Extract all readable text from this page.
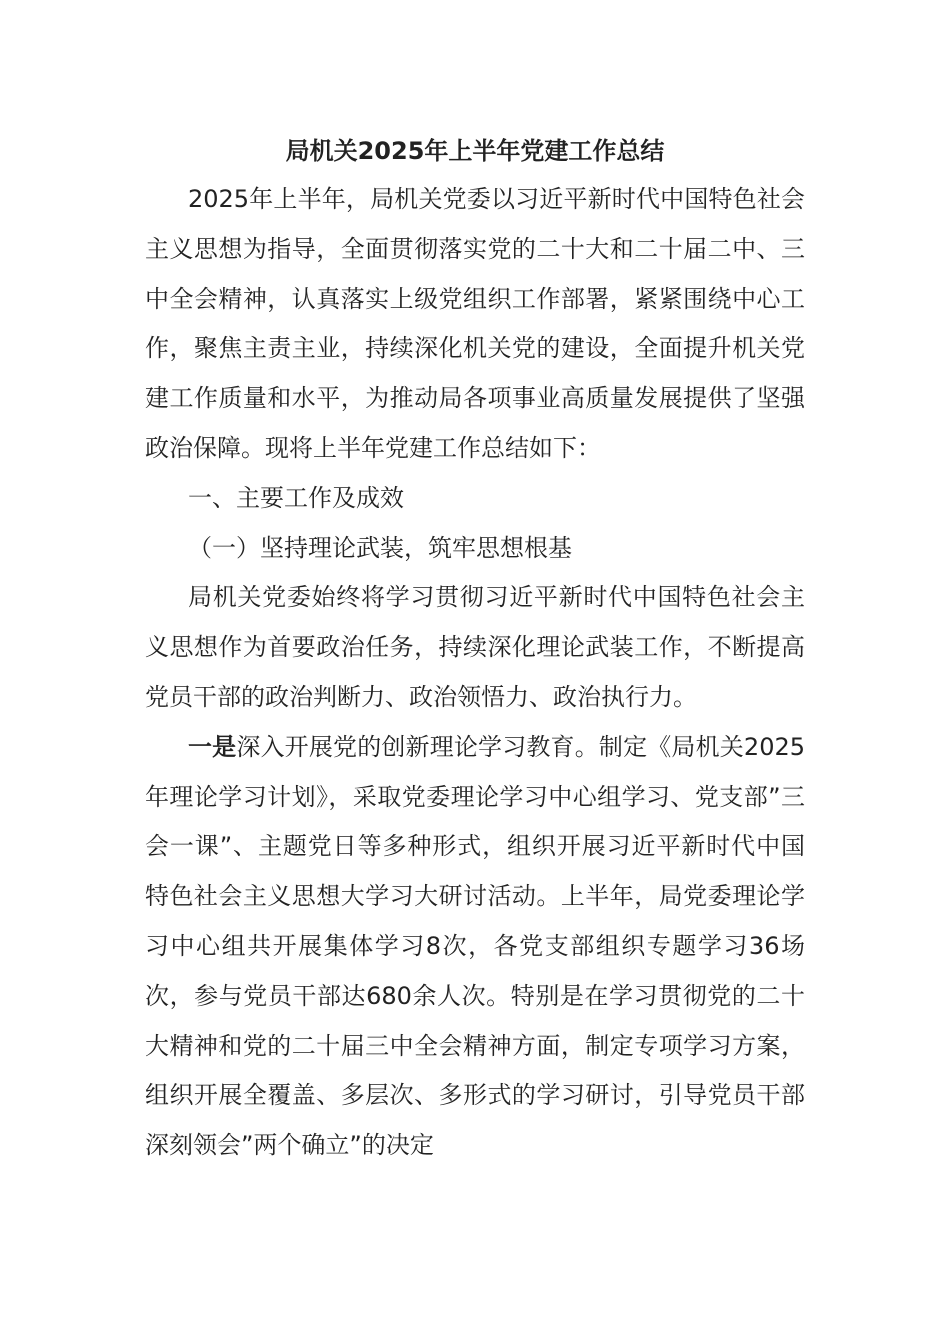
局机关2025年上半年党建工作总结

2025年上半年，局机关党委以习近平新时代中国特色社会主义思想为指导，全面贯彻落实党的二十大和二十届二中、三中全会精神，认真落实上级党组织工作部署，紧紧围绕中心工作，聚焦主责主业，持续深化机关党的建设，全面提升机关党建工作质量和水平，为推动局各项事业高质量发展提供了坚强政治保障。现将上半年党建工作总结如下：

一、主要工作及成效

（一）坚持理论武装，筑牢思想根基

局机关党委始终将学习贯彻习近平新时代中国特色社会主义思想作为首要政治任务，持续深化理论武装工作，不断提高党员干部的政治判断力、政治领悟力、政治执行力。

一是深入开展党的创新理论学习教育。制定《局机关2025年理论学习计划》，采取党委理论学习中心组学习、党支部”三会一课”、主题党日等多种形式，组织开展习近平新时代中国特色社会主义思想大学习大研讨活动。上半年，局党委理论学习中心组共开展集体学习8次，各党支部组织专题学习36场次，参与党员干部达680余人次。特别是在学习贯彻党的二十大精神和党的二十届三中全会精神方面，制定专项学习方案，组织开展全覆盖、多层次、多形式的学习研讨，引导党员干部深刻领会”两个确立”的决定
